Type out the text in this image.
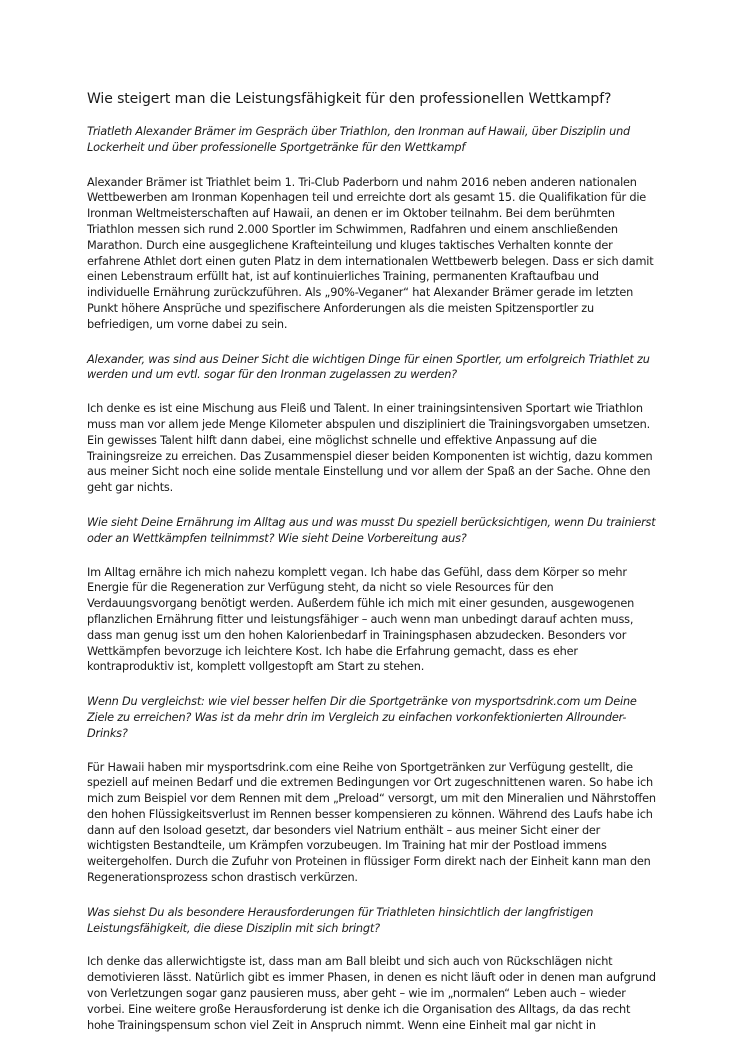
Wie steigert man die Leistungsfähigkeit für den professionellen Wettkampf?

Triatleth Alexander Brämer im Gespräch über Triathlon, den Ironman auf Hawaii, über Disziplin und Lockerheit und über professionelle Sportgetränke für den Wettkampf

Alexander Brämer ist Triathlet beim 1. Tri-Club Paderborn und nahm 2016 neben anderen nationalen Wettbewerben am Ironman Kopenhagen teil und erreichte dort als gesamt 15. die Qualifikation für die Ironman Weltmeisterschaften auf Hawaii, an denen er im Oktober teilnahm. Bei dem berühmten Triathlon messen sich rund 2.000 Sportler im Schwimmen, Radfahren und einem anschließenden Marathon. Durch eine ausgeglichene Krafteinteilung und kluges taktisches Verhalten konnte der erfahrene Athlet dort einen guten Platz in dem internationalen Wettbewerb belegen. Dass er sich damit einen Lebenstraum erfüllt hat, ist auf kontinuierliches Training, permanenten Kraftaufbau und individuelle Ernährung zurückzuführen. Als „90%-Veganer“ hat Alexander Brämer gerade im letzten Punkt höhere Ansprüche und spezifischere Anforderungen als die meisten Spitzensportler zu befriedigen, um vorne dabei zu sein.

Alexander, was sind aus Deiner Sicht die wichtigen Dinge für einen Sportler, um erfolgreich Triathlet zu werden und um evtl. sogar für den Ironman zugelassen zu werden?

Ich denke es ist eine Mischung aus Fleiß und Talent. In einer trainingsintensiven Sportart wie Triathlon muss man vor allem jede Menge Kilometer abspulen und diszipliniert die Trainingsvorgaben umsetzen. Ein gewisses Talent hilft dann dabei, eine möglichst schnelle und effektive Anpassung auf die Trainingsreize zu erreichen. Das Zusammenspiel dieser beiden Komponenten ist wichtig, dazu kommen aus meiner Sicht noch eine solide mentale Einstellung und vor allem der Spaß an der Sache. Ohne den geht gar nichts.

Wie sieht Deine Ernährung im Alltag aus und was musst Du speziell berücksichtigen, wenn Du trainierst oder an Wettkämpfen teilnimmst? Wie sieht Deine Vorbereitung aus?

Im Alltag ernähre ich mich nahezu komplett vegan. Ich habe das Gefühl, dass dem Körper so mehr Energie für die Regeneration zur Verfügung steht, da nicht so viele Resources für den Verdauungsvorgang benötigt werden. Außerdem fühle ich mich mit einer gesunden, ausgewogenen pflanzlichen Ernährung fitter und leistungsfähiger – auch wenn man unbedingt darauf achten muss, dass man genug isst um den hohen Kalorienbedarf in Trainingsphasen abzudecken. Besonders vor Wettkämpfen bevorzuge ich leichtere Kost. Ich habe die Erfahrung gemacht, dass es eher kontraproduktiv ist, komplett vollgestopft am Start zu stehen.

Wenn Du vergleichst: wie viel besser helfen Dir die Sportgetränke von mysportsdrink.com um Deine Ziele zu erreichen? Was ist da mehr drin im Vergleich zu einfachen vorkonfektionierten Allrounder-Drinks?

Für Hawaii haben mir mysportsdrink.com eine Reihe von Sportgetränken zur Verfügung gestellt, die speziell auf meinen Bedarf und die extremen Bedingungen vor Ort zugeschnittenen waren. So habe ich mich zum Beispiel vor dem Rennen mit dem „Preload“ versorgt, um mit den Mineralien und Nährstoffen den hohen Flüssigkeitsverlust im Rennen besser kompensieren zu können. Während des Laufs habe ich dann auf den Isoload gesetzt, dar besonders viel Natrium enthält – aus meiner Sicht einer der wichtigsten Bestandteile, um Krämpfen vorzubeugen. Im Training hat mir der Postload immens weitergeholfen. Durch die Zufuhr von Proteinen in flüssiger Form direkt nach der Einheit kann man den Regenerationsprozess schon drastisch verkürzen.

Was siehst Du als besondere Herausforderungen für Triathleten hinsichtlich der langfristigen Leistungsfähigkeit, die diese Disziplin mit sich bringt?

Ich denke das allerwichtigste ist, dass man am Ball bleibt und sich auch von Rückschlägen nicht demotivieren lässt. Natürlich gibt es immer Phasen, in denen es nicht läuft oder in denen man aufgrund von Verletzungen sogar ganz pausieren muss, aber geht – wie im „normalen“ Leben auch – wieder vorbei. Eine weitere große Herausforderung ist denke ich die Organisation des Alltags, da das recht hohe Trainingspensum schon viel Zeit in Anspruch nimmt. Wenn eine Einheit mal gar nicht in
